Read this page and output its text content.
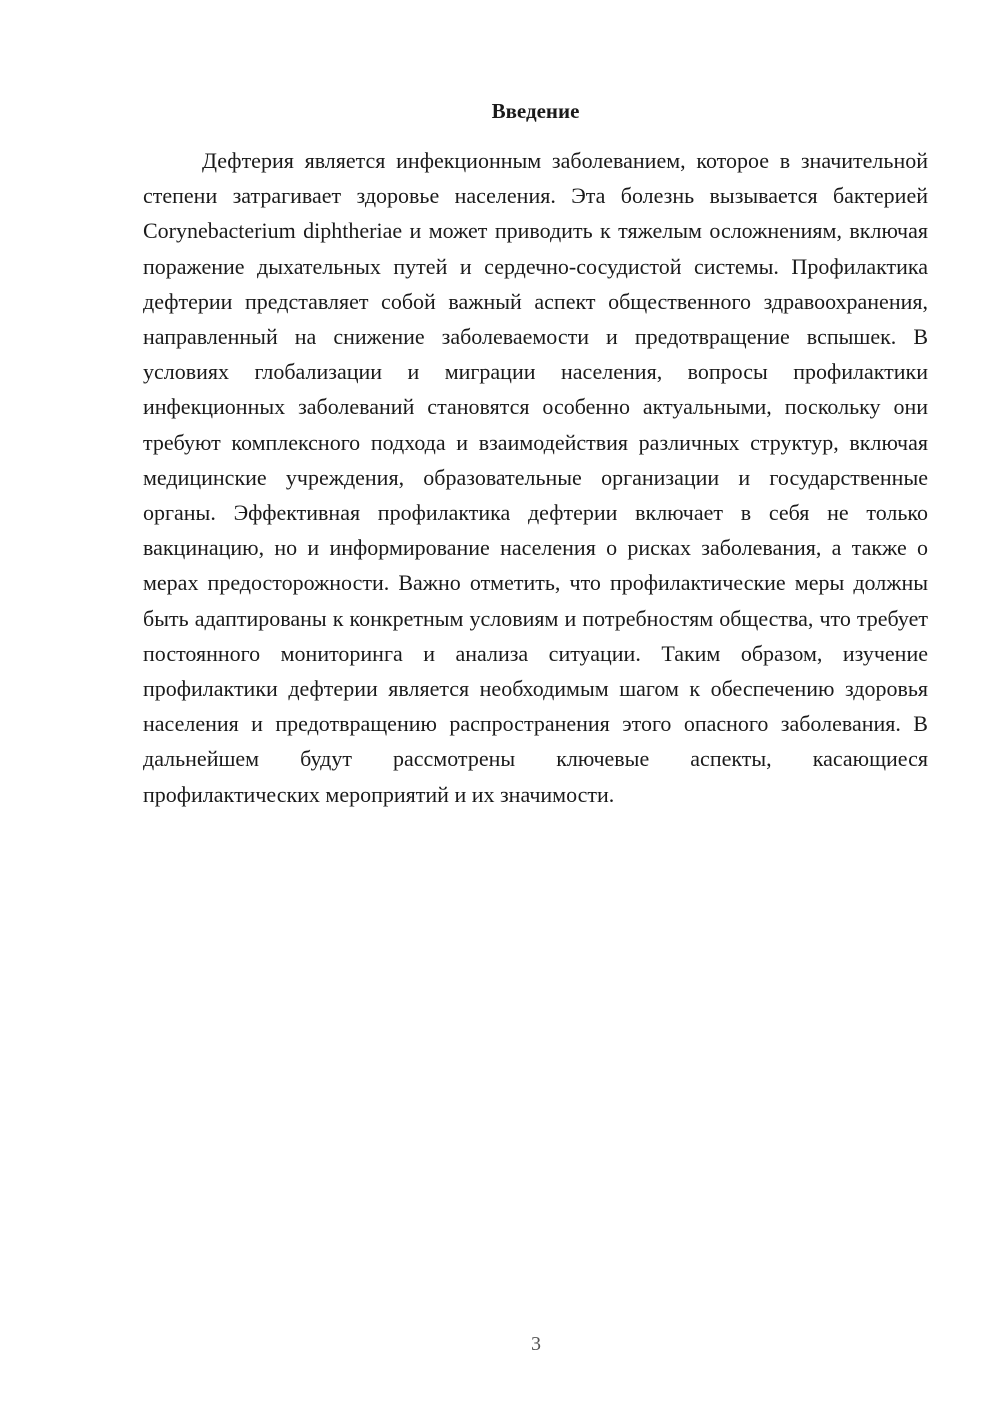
Введение

Дефтерия является инфекционным заболеванием, которое в значительной степени затрагивает здоровье населения. Эта болезнь вызывается бактерией Corynebacterium diphtheriae и может приводить к тяжелым осложнениям, включая поражение дыхательных путей и сердечно-сосудистой системы. Профилактика дефтерии представляет собой важный аспект общественного здравоохранения, направленный на снижение заболеваемости и предотвращение вспышек. В условиях глобализации и миграции населения, вопросы профилактики инфекционных заболеваний становятся особенно актуальными, поскольку они требуют комплексного подхода и взаимодействия различных структур, включая медицинские учреждения, образовательные организации и государственные органы. Эффективная профилактика дефтерии включает в себя не только вакцинацию, но и информирование населения о рисках заболевания, а также о мерах предосторожности. Важно отметить, что профилактические меры должны быть адаптированы к конкретным условиям и потребностям общества, что требует постоянного мониторинга и анализа ситуации. Таким образом, изучение профилактики дефтерии является необходимым шагом к обеспечению здоровья населения и предотвращению распространения этого опасного заболевания. В дальнейшем будут рассмотрены ключевые аспекты, касающиеся профилактических мероприятий и их значимости.

3
